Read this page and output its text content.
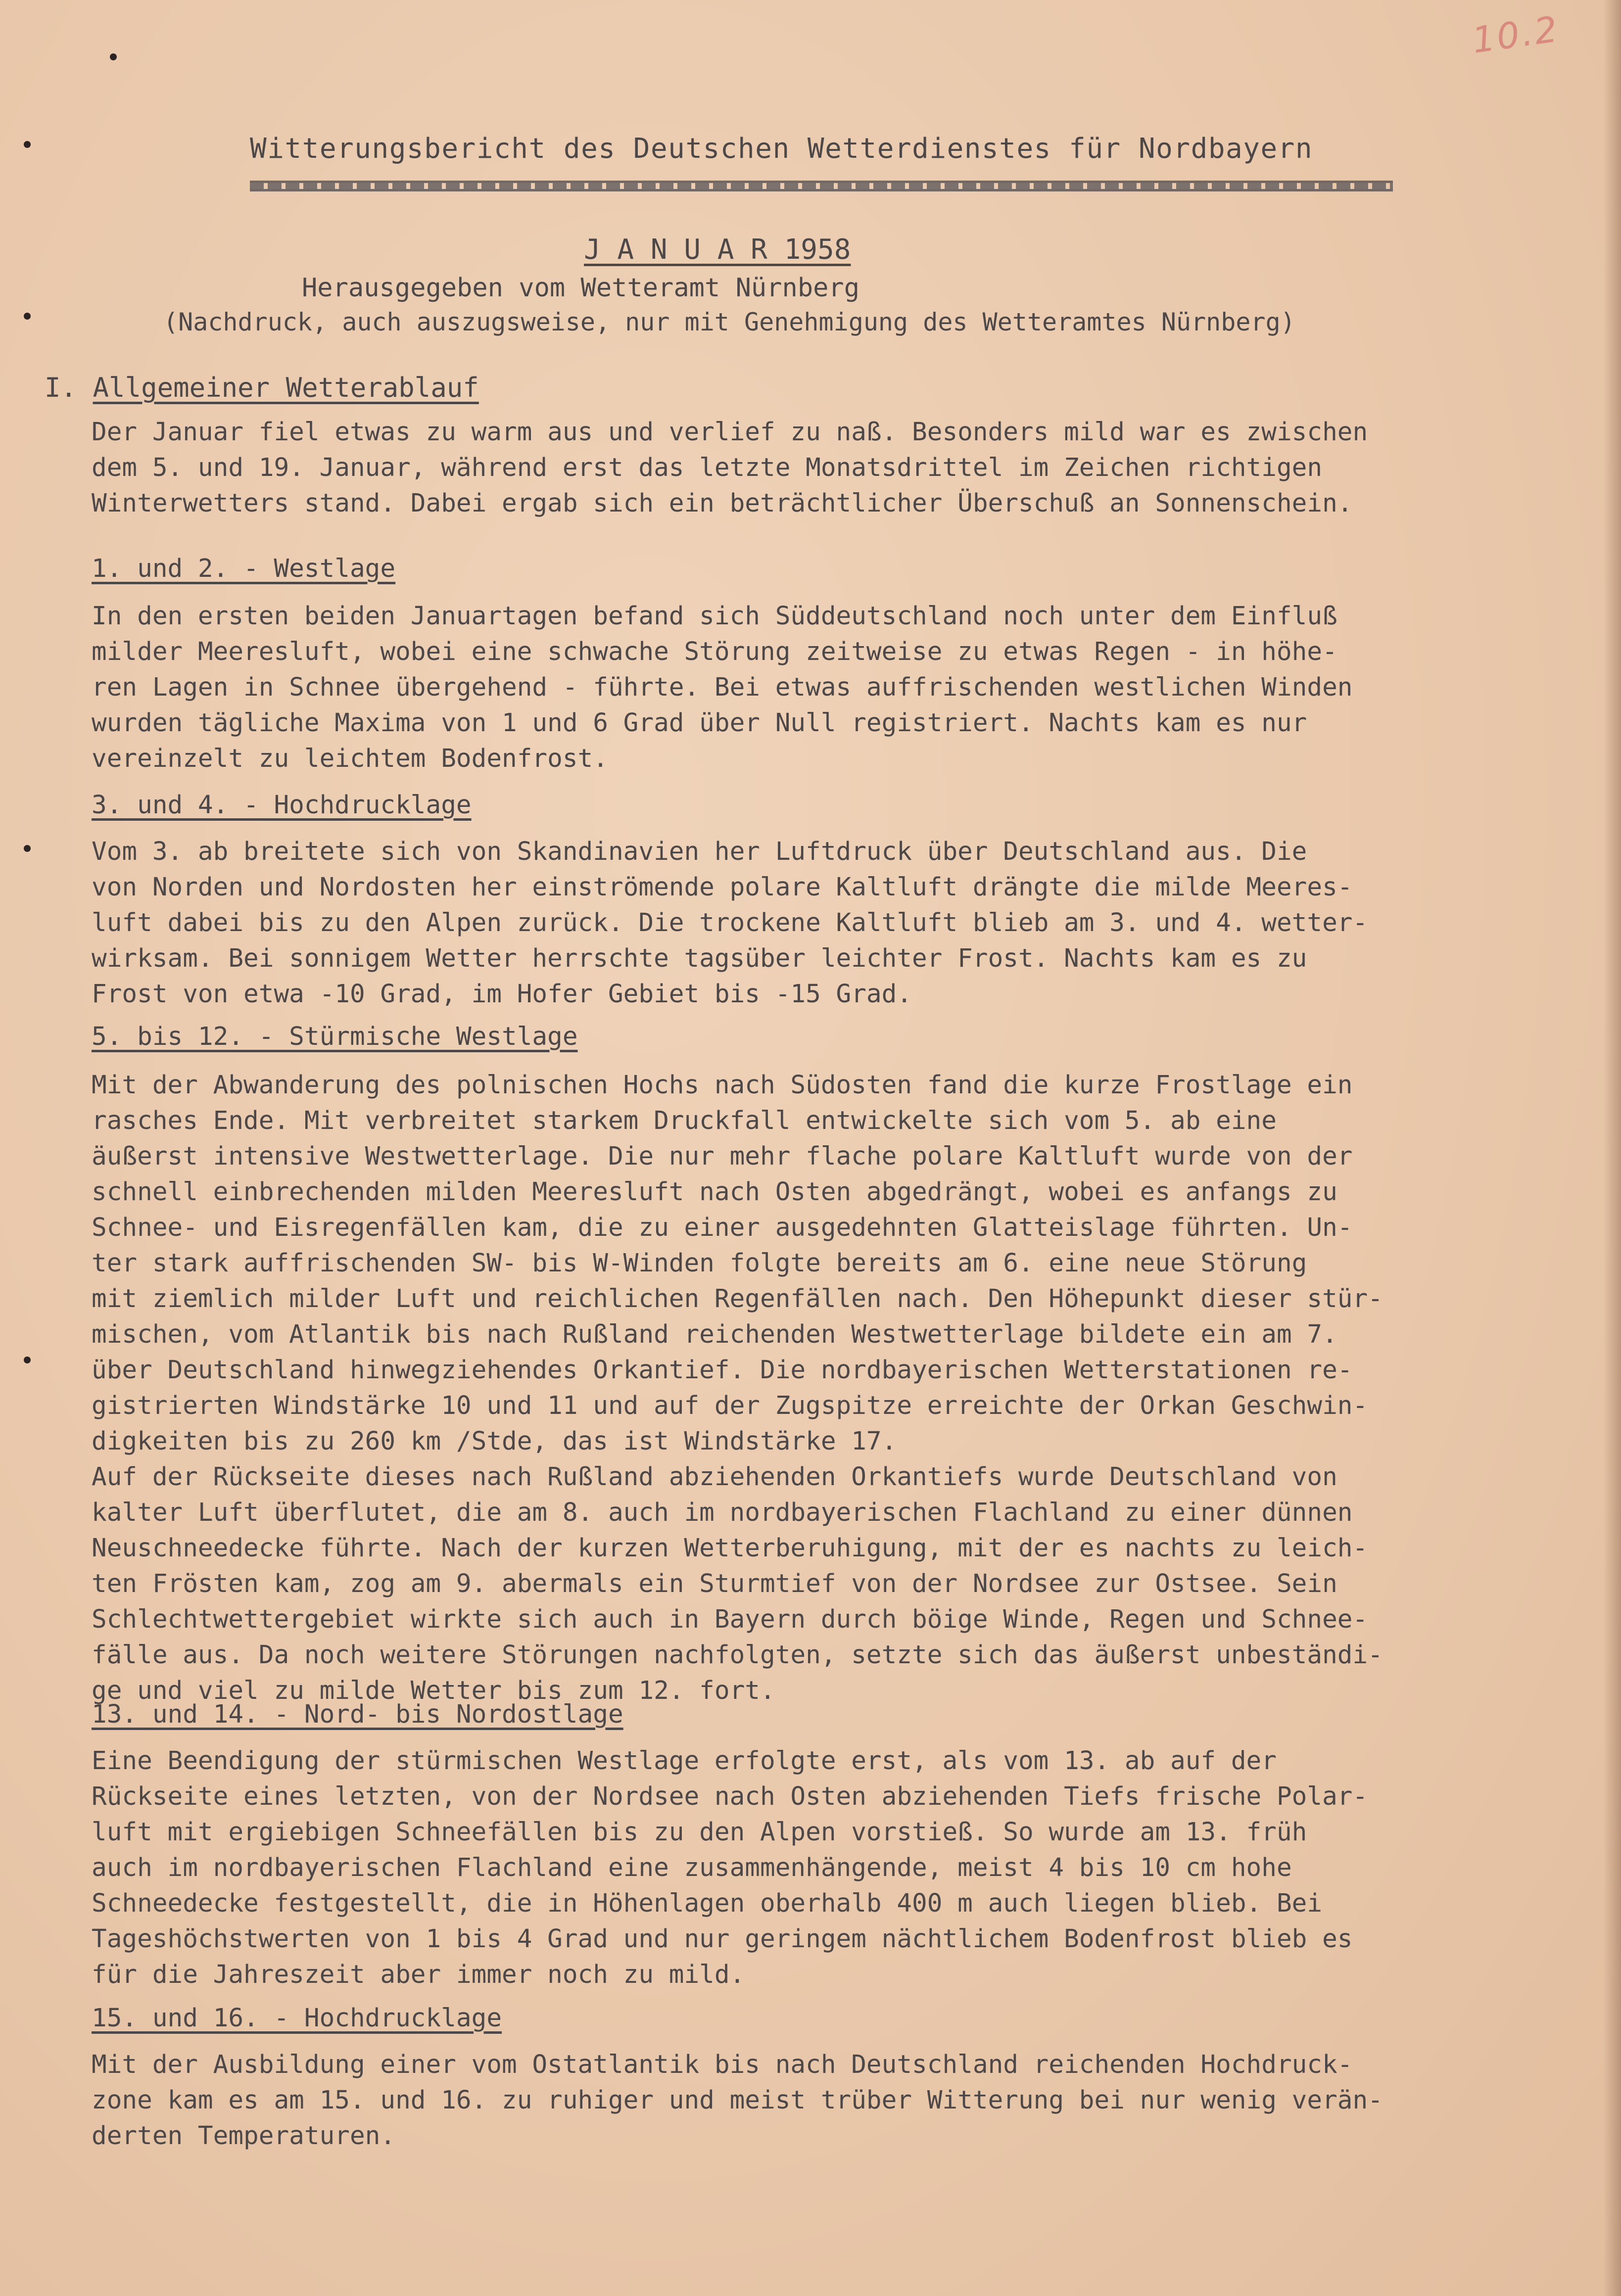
10.2
Witterungsbericht des Deutschen Wetterdienstes für Nordbayern
J A N U A R 1958
Herausgegeben vom Wetteramt Nürnberg
(Nachdruck, auch auszugsweise, nur mit Genehmigung des Wetteramtes Nürnberg)
I. Allgemeiner Wetterablauf
Der Januar fiel etwas zu warm aus und verlief zu naß. Besonders mild war es zwischen
dem 5. und 19. Januar, während erst das letzte Monatsdrittel im Zeichen richtigen
Winterwetters stand. Dabei ergab sich ein beträchtlicher Überschuß an Sonnenschein.
1. und 2. - Westlage
In den ersten beiden Januartagen befand sich Süddeutschland noch unter dem Einfluß
milder Meeresluft, wobei eine schwache Störung zeitweise zu etwas Regen - in höhe-
ren Lagen in Schnee übergehend - führte. Bei etwas auffrischenden westlichen Winden
wurden tägliche Maxima von 1 und 6 Grad über Null registriert. Nachts kam es nur
vereinzelt zu leichtem Bodenfrost.
3. und 4. - Hochdrucklage
Vom 3. ab breitete sich von Skandinavien her Luftdruck über Deutschland aus. Die
von Norden und Nordosten her einströmende polare Kaltluft drängte die milde Meeres-
luft dabei bis zu den Alpen zurück. Die trockene Kaltluft blieb am 3. und 4. wetter-
wirksam. Bei sonnigem Wetter herrschte tagsüber leichter Frost. Nachts kam es zu
Frost von etwa -10 Grad, im Hofer Gebiet bis -15 Grad.
5. bis 12. - Stürmische Westlage
Mit der Abwanderung des polnischen Hochs nach Südosten fand die kurze Frostlage ein
rasches Ende. Mit verbreitet starkem Druckfall entwickelte sich vom 5. ab eine
äußerst intensive Westwetterlage. Die nur mehr flache polare Kaltluft wurde von der
schnell einbrechenden milden Meeresluft nach Osten abgedrängt, wobei es anfangs zu
Schnee- und Eisregenfällen kam, die zu einer ausgedehnten Glatteislage führten. Un-
ter stark auffrischenden SW- bis W-Winden folgte bereits am 6. eine neue Störung
mit ziemlich milder Luft und reichlichen Regenfällen nach. Den Höhepunkt dieser stür-
mischen, vom Atlantik bis nach Rußland reichenden Westwetterlage bildete ein am 7.
über Deutschland hinwegziehendes Orkantief. Die nordbayerischen Wetterstationen re-
gistrierten Windstärke 10 und 11 und auf der Zugspitze erreichte der Orkan Geschwin-
digkeiten bis zu 260 km /Stde, das ist Windstärke 17.
Auf der Rückseite dieses nach Rußland abziehenden Orkantiefs wurde Deutschland von
kalter Luft überflutet, die am 8. auch im nordbayerischen Flachland zu einer dünnen
Neuschneedecke führte. Nach der kurzen Wetterberuhigung, mit der es nachts zu leich-
ten Frösten kam, zog am 9. abermals ein Sturmtief von der Nordsee zur Ostsee. Sein
Schlechtwettergebiet wirkte sich auch in Bayern durch böige Winde, Regen und Schnee-
fälle aus. Da noch weitere Störungen nachfolgten, setzte sich das äußerst unbeständi-
ge und viel zu milde Wetter bis zum 12. fort.
13. und 14. - Nord- bis Nordostlage
Eine Beendigung der stürmischen Westlage erfolgte erst, als vom 13. ab auf der
Rückseite eines letzten, von der Nordsee nach Osten abziehenden Tiefs frische Polar-
luft mit ergiebigen Schneefällen bis zu den Alpen vorstieß. So wurde am 13. früh
auch im nordbayerischen Flachland eine zusammenhängende, meist 4 bis 10 cm hohe
Schneedecke festgestellt, die in Höhenlagen oberhalb 400 m auch liegen blieb. Bei
Tageshöchstwerten von 1 bis 4 Grad und nur geringem nächtlichem Bodenfrost blieb es
für die Jahreszeit aber immer noch zu mild.
15. und 16. - Hochdrucklage
Mit der Ausbildung einer vom Ostatlantik bis nach Deutschland reichenden Hochdruck-
zone kam es am 15. und 16. zu ruhiger und meist trüber Witterung bei nur wenig verän-
derten Temperaturen.
